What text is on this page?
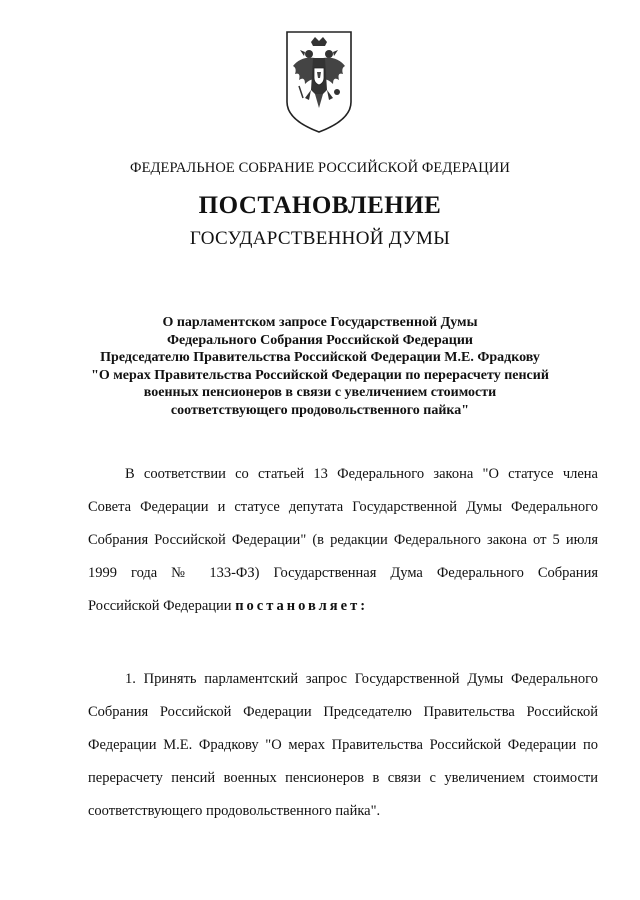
ФЕДЕРАЛЬНОЕ СОБРАНИЕ РОССИЙСКОЙ ФЕДЕРАЦИИ
ПОСТАНОВЛЕНИЕ
ГОСУДАРСТВЕННОЙ ДУМЫ
О парламентском запросе Государственной Думы
Федерального Собрания Российской Федерации
Председателю Правительства Российской Федерации М.Е. Фрадкову
"О мерах Правительства Российской Федерации по перерасчету пенсий
военных пенсионеров в связи с увеличением стоимости
соответствующего продовольственного пайка"
В соответствии со статьей 13 Федерального закона "О статусе члена
Совета Федерации и статусе депутата Государственной Думы Федерального
Собрания Российской Федерации" (в редакции Федерального закона от 5 июля
1999 года № 133-ФЗ) Государственная Дума Федерального Собрания
Российской Федерации постановляет:
1. Принять парламентский запрос Государственной Думы Федерального
Собрания Российской Федерации Председателю Правительства Российской
Федерации М.Е. Фрадкову "О мерах Правительства Российской Федерации по
перерасчету пенсий военных пенсионеров в связи с увеличением стоимости
соответствующего продовольственного пайка".
